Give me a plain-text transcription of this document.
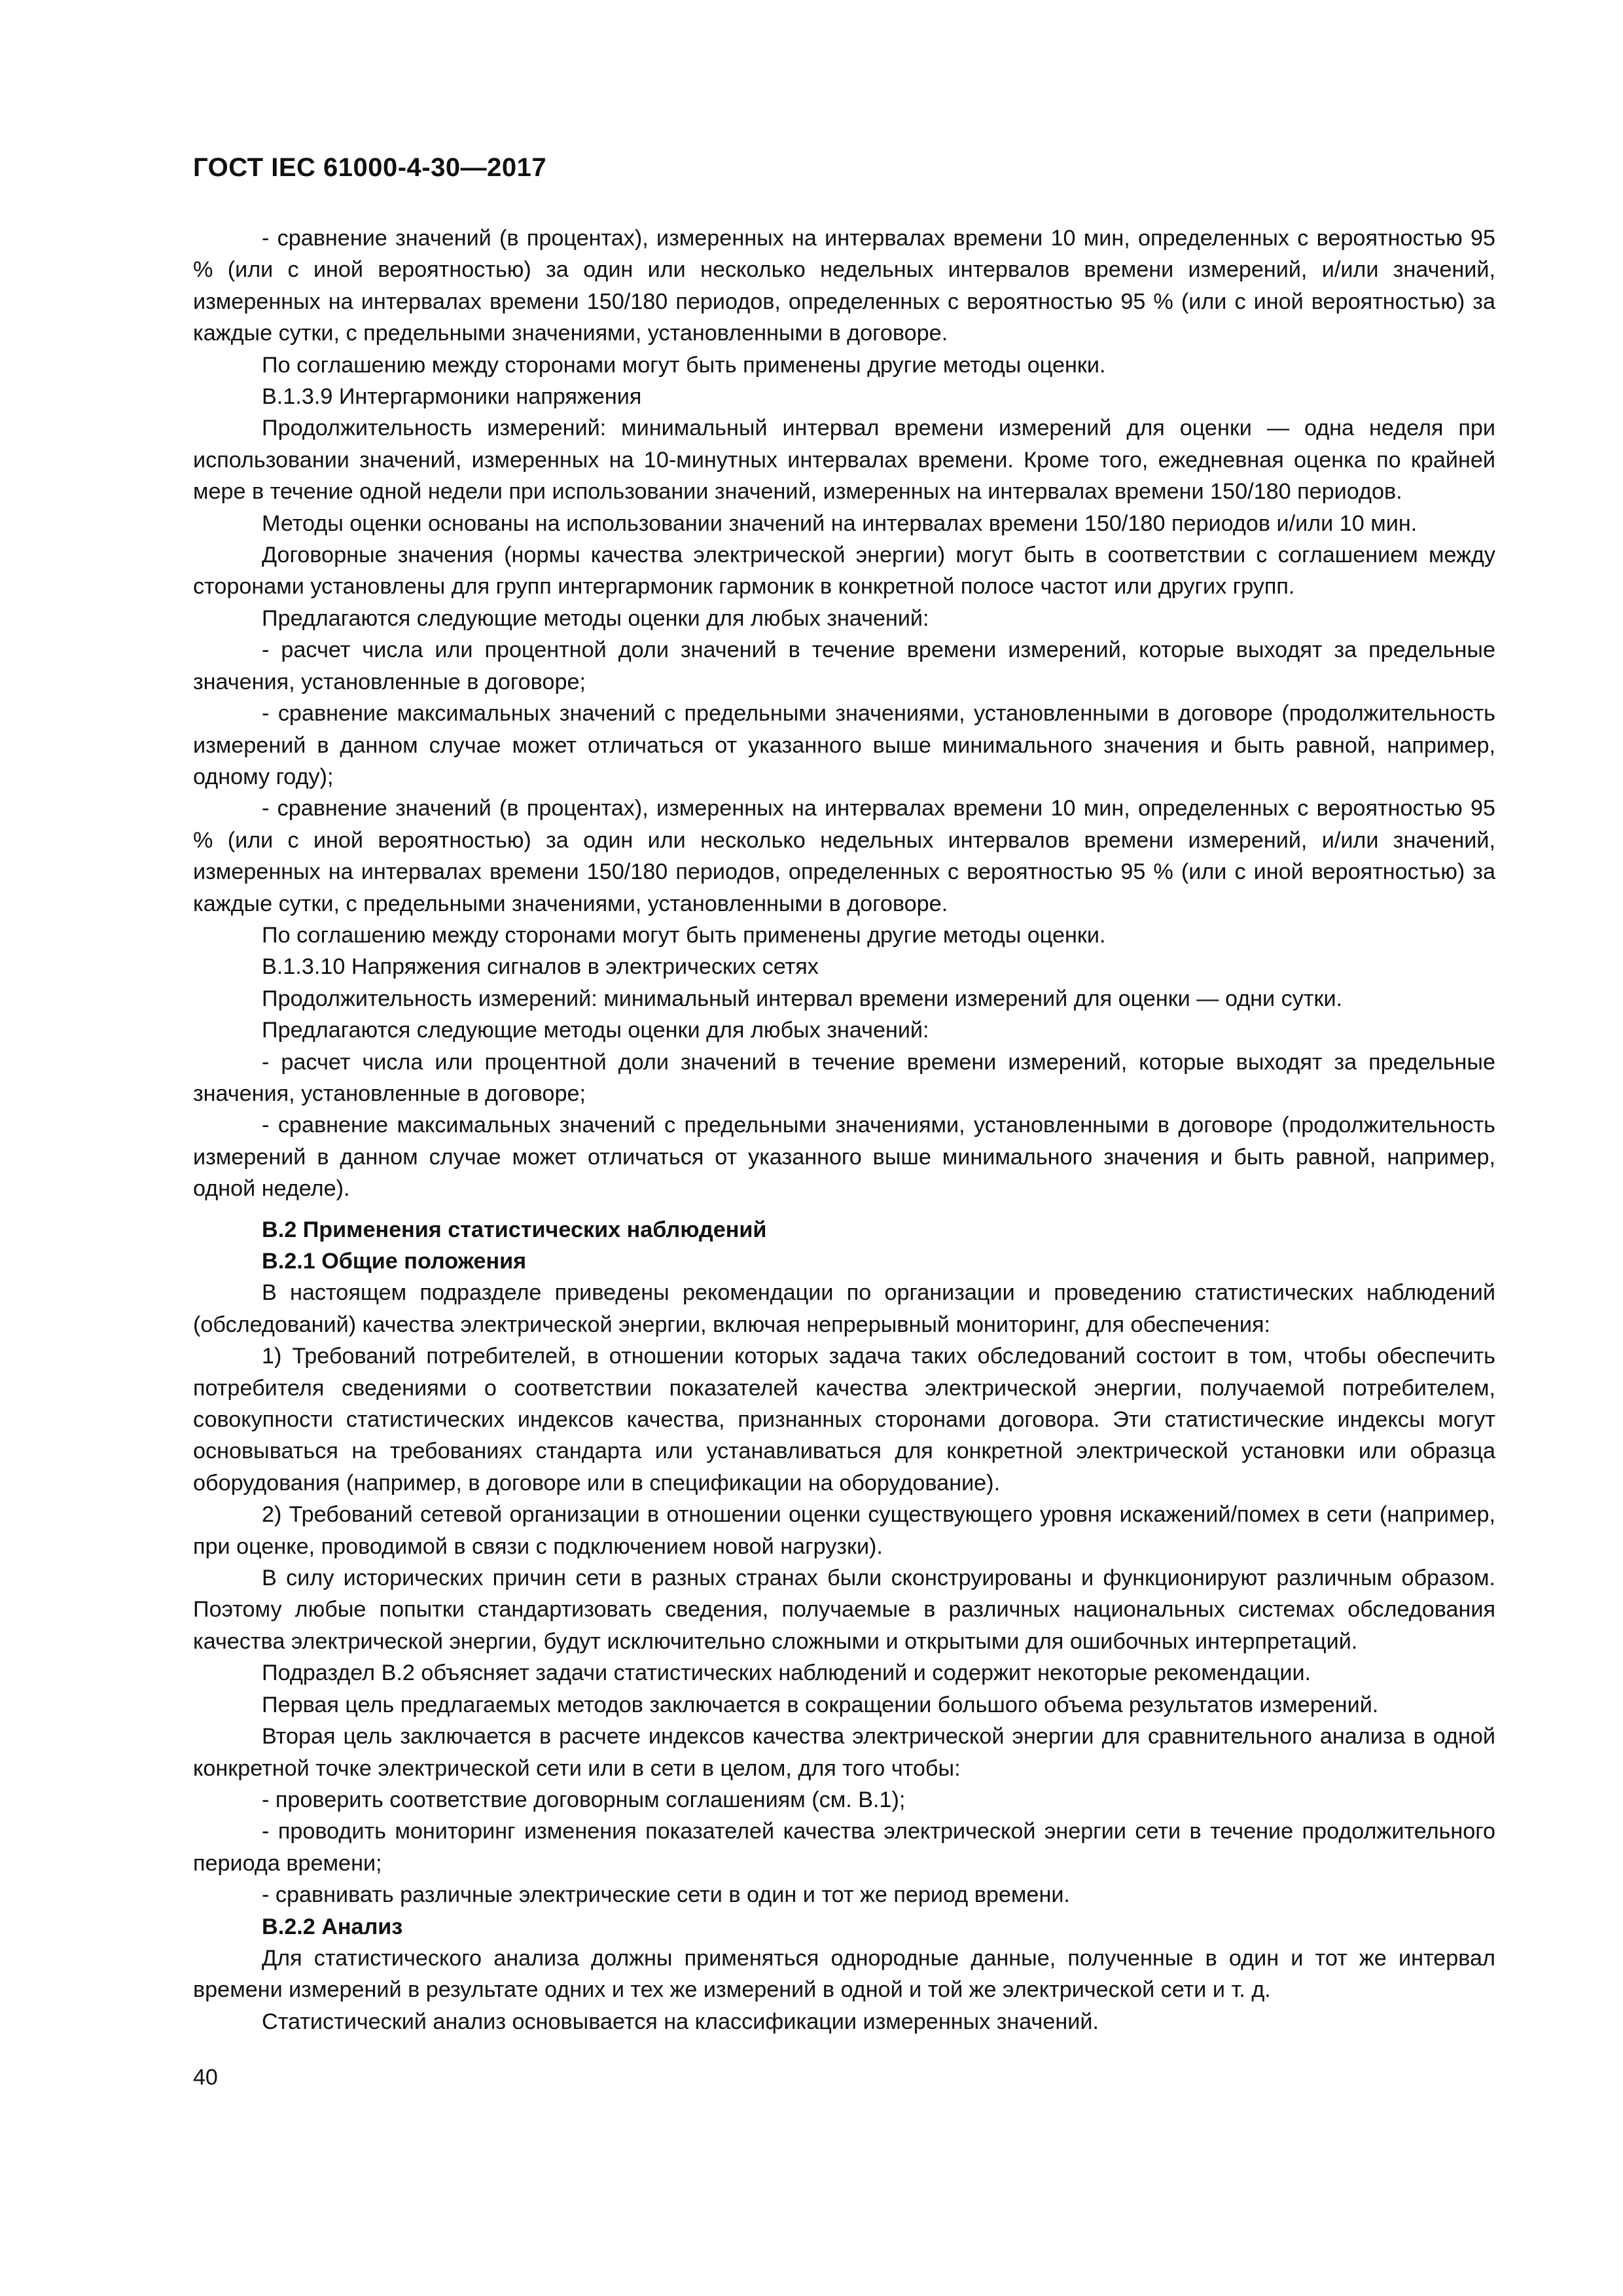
ГОСТ IEC 61000-4-30—2017

- сравнение значений (в процентах), измеренных на интервалах времени 10 мин, определенных с вероятностью 95 % (или с иной вероятностью) за один или несколько недельных интервалов времени измерений, и/или значений, измеренных на интервалах времени 150/180 периодов, определенных с вероятностью 95 % (или с иной вероятностью) за каждые сутки, с предельными значениями, установленными в договоре.

По соглашению между сторонами могут быть применены другие методы оценки.

В.1.3.9 Интергармоники напряжения

Продолжительность измерений: минимальный интервал времени измерений для оценки — одна неделя при использовании значений, измеренных на 10-минутных интервалах времени. Кроме того, ежедневная оценка по крайней мере в течение одной недели при использовании значений, измеренных на интервалах времени 150/180 периодов.

Методы оценки основаны на использовании значений на интервалах времени 150/180 периодов и/или 10 мин.

Договорные значения (нормы качества электрической энергии) могут быть в соответствии с соглашением между сторонами установлены для групп интергармоник гармоник в конкретной полосе частот или других групп.

Предлагаются следующие методы оценки для любых значений:

- расчет числа или процентной доли значений в течение времени измерений, которые выходят за предельные значения, установленные в договоре;

- сравнение максимальных значений с предельными значениями, установленными в договоре (продолжительность измерений в данном случае может отличаться от указанного выше минимального значения и быть равной, например, одному году);

- сравнение значений (в процентах), измеренных на интервалах времени 10 мин, определенных с вероятностью 95 % (или с иной вероятностью) за один или несколько недельных интервалов времени измерений, и/или значений, измеренных на интервалах времени 150/180 периодов, определенных с вероятностью 95 % (или с иной вероятностью) за каждые сутки, с предельными значениями, установленными в договоре.

По соглашению между сторонами могут быть применены другие методы оценки.

В.1.3.10 Напряжения сигналов в электрических сетях

Продолжительность измерений: минимальный интервал времени измерений для оценки — одни сутки.

Предлагаются следующие методы оценки для любых значений:

- расчет числа или процентной доли значений в течение времени измерений, которые выходят за предельные значения, установленные в договоре;

- сравнение максимальных значений с предельными значениями, установленными в договоре (продолжительность измерений в данном случае может отличаться от указанного выше минимального значения и быть равной, например, одной неделе).

В.2 Применения статистических наблюдений

В.2.1 Общие положения

В настоящем подразделе приведены рекомендации по организации и проведению статистических наблюдений (обследований) качества электрической энергии, включая непрерывный мониторинг, для обеспечения:

1) Требований потребителей, в отношении которых задача таких обследований состоит в том, чтобы обеспечить потребителя сведениями о соответствии показателей качества электрической энергии, получаемой потребителем, совокупности статистических индексов качества, признанных сторонами договора. Эти статистические индексы могут основываться на требованиях стандарта или устанавливаться для конкретной электрической установки или образца оборудования (например, в договоре или в спецификации на оборудование).

2) Требований сетевой организации в отношении оценки существующего уровня искажений/помех в сети (например, при оценке, проводимой в связи с подключением новой нагрузки).

В силу исторических причин сети в разных странах были сконструированы и функционируют различным образом. Поэтому любые попытки стандартизовать сведения, получаемые в различных национальных системах обследования качества электрической энергии, будут исключительно сложными и открытыми для ошибочных интерпретаций.

Подраздел В.2 объясняет задачи статистических наблюдений и содержит некоторые рекомендации.

Первая цель предлагаемых методов заключается в сокращении большого объема результатов измерений.

Вторая цель заключается в расчете индексов качества электрической энергии для сравнительного анализа в одной конкретной точке электрической сети или в сети в целом, для того чтобы:

- проверить соответствие договорным соглашениям (см. В.1);

- проводить мониторинг изменения показателей качества электрической энергии сети в течение продолжительного периода времени;

- сравнивать различные электрические сети в один и тот же период времени.

В.2.2 Анализ

Для статистического анализа должны применяться однородные данные, полученные в один и тот же интервал времени измерений в результате одних и тех же измерений в одной и той же электрической сети и т. д.

Статистический анализ основывается на классификации измеренных значений.

40
